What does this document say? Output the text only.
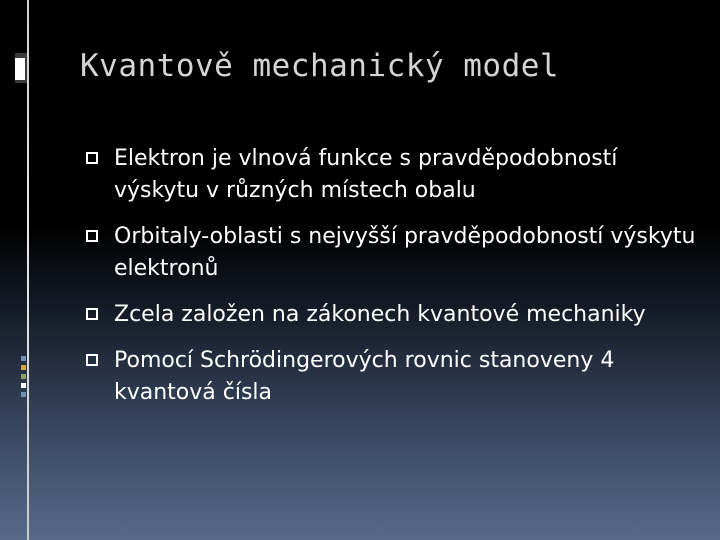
Kvantově mechanický model
Elektron je vlnová funkce s pravděpodobností výskytu v různých místech obalu
Orbitaly-oblasti s nejvyšší pravděpodobností výskytu elektronů
Zcela založen na zákonech kvantové mechaniky
Pomocí Schrödingerových rovnic stanoveny 4 kvantová čísla
